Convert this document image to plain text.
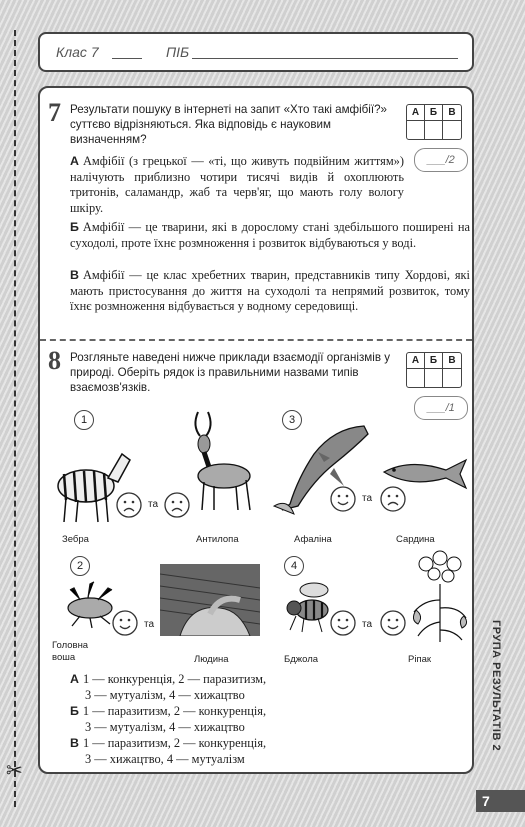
✂
Клас 7	ПІБ
7 Результати пошуку в інтернеті на запит «Хто такі амфібії?» суттєво відрізняються. Яка відповідь є науковим визначенням?
А	Б	В
___/2
А Амфібії (з грецької — «ті, що живуть подвійним життям») налічують приблизно чотири тисячі видів й охоплюють тритонів, саламандр, жаб та черв'яг, що мають голу вологу шкіру.
Б Амфібії — це тварини, які в дорослому стані здебільшого поширені на суходолі, проте їхнє розмноження і розвиток відбуваються у воді.
В Амфібії — це клас хребетних тварин, представників типу Хордові, які мають пристосування до життя на суходолі та непрямий розвиток, тому їхнє розмноження відбувається у водному середовищі.
8 Розгляньте наведені нижче приклади взаємодії організмів у природі. Оберіть рядок із правильними назвами типів взаємозв'язків.
А	Б	В
___/1
1
та
Зебра	Антилопа
3
та
Афаліна	Сардина
2
та
Головна воша	Людина
4
та
Бджола	Ріпак
А 1 — конкуренція, 2 — паразитизм,
3 — мутуалізм, 4 — хижацтво
Б 1 — паразитизм, 2 — конкуренція,
3 — мутуалізм, 4 — хижацтво
В 1 — паразитизм, 2 — конкуренція,
3 — хижацтво, 4 — мутуалізм
ГРУПА РЕЗУЛЬТАТІВ 2
7
